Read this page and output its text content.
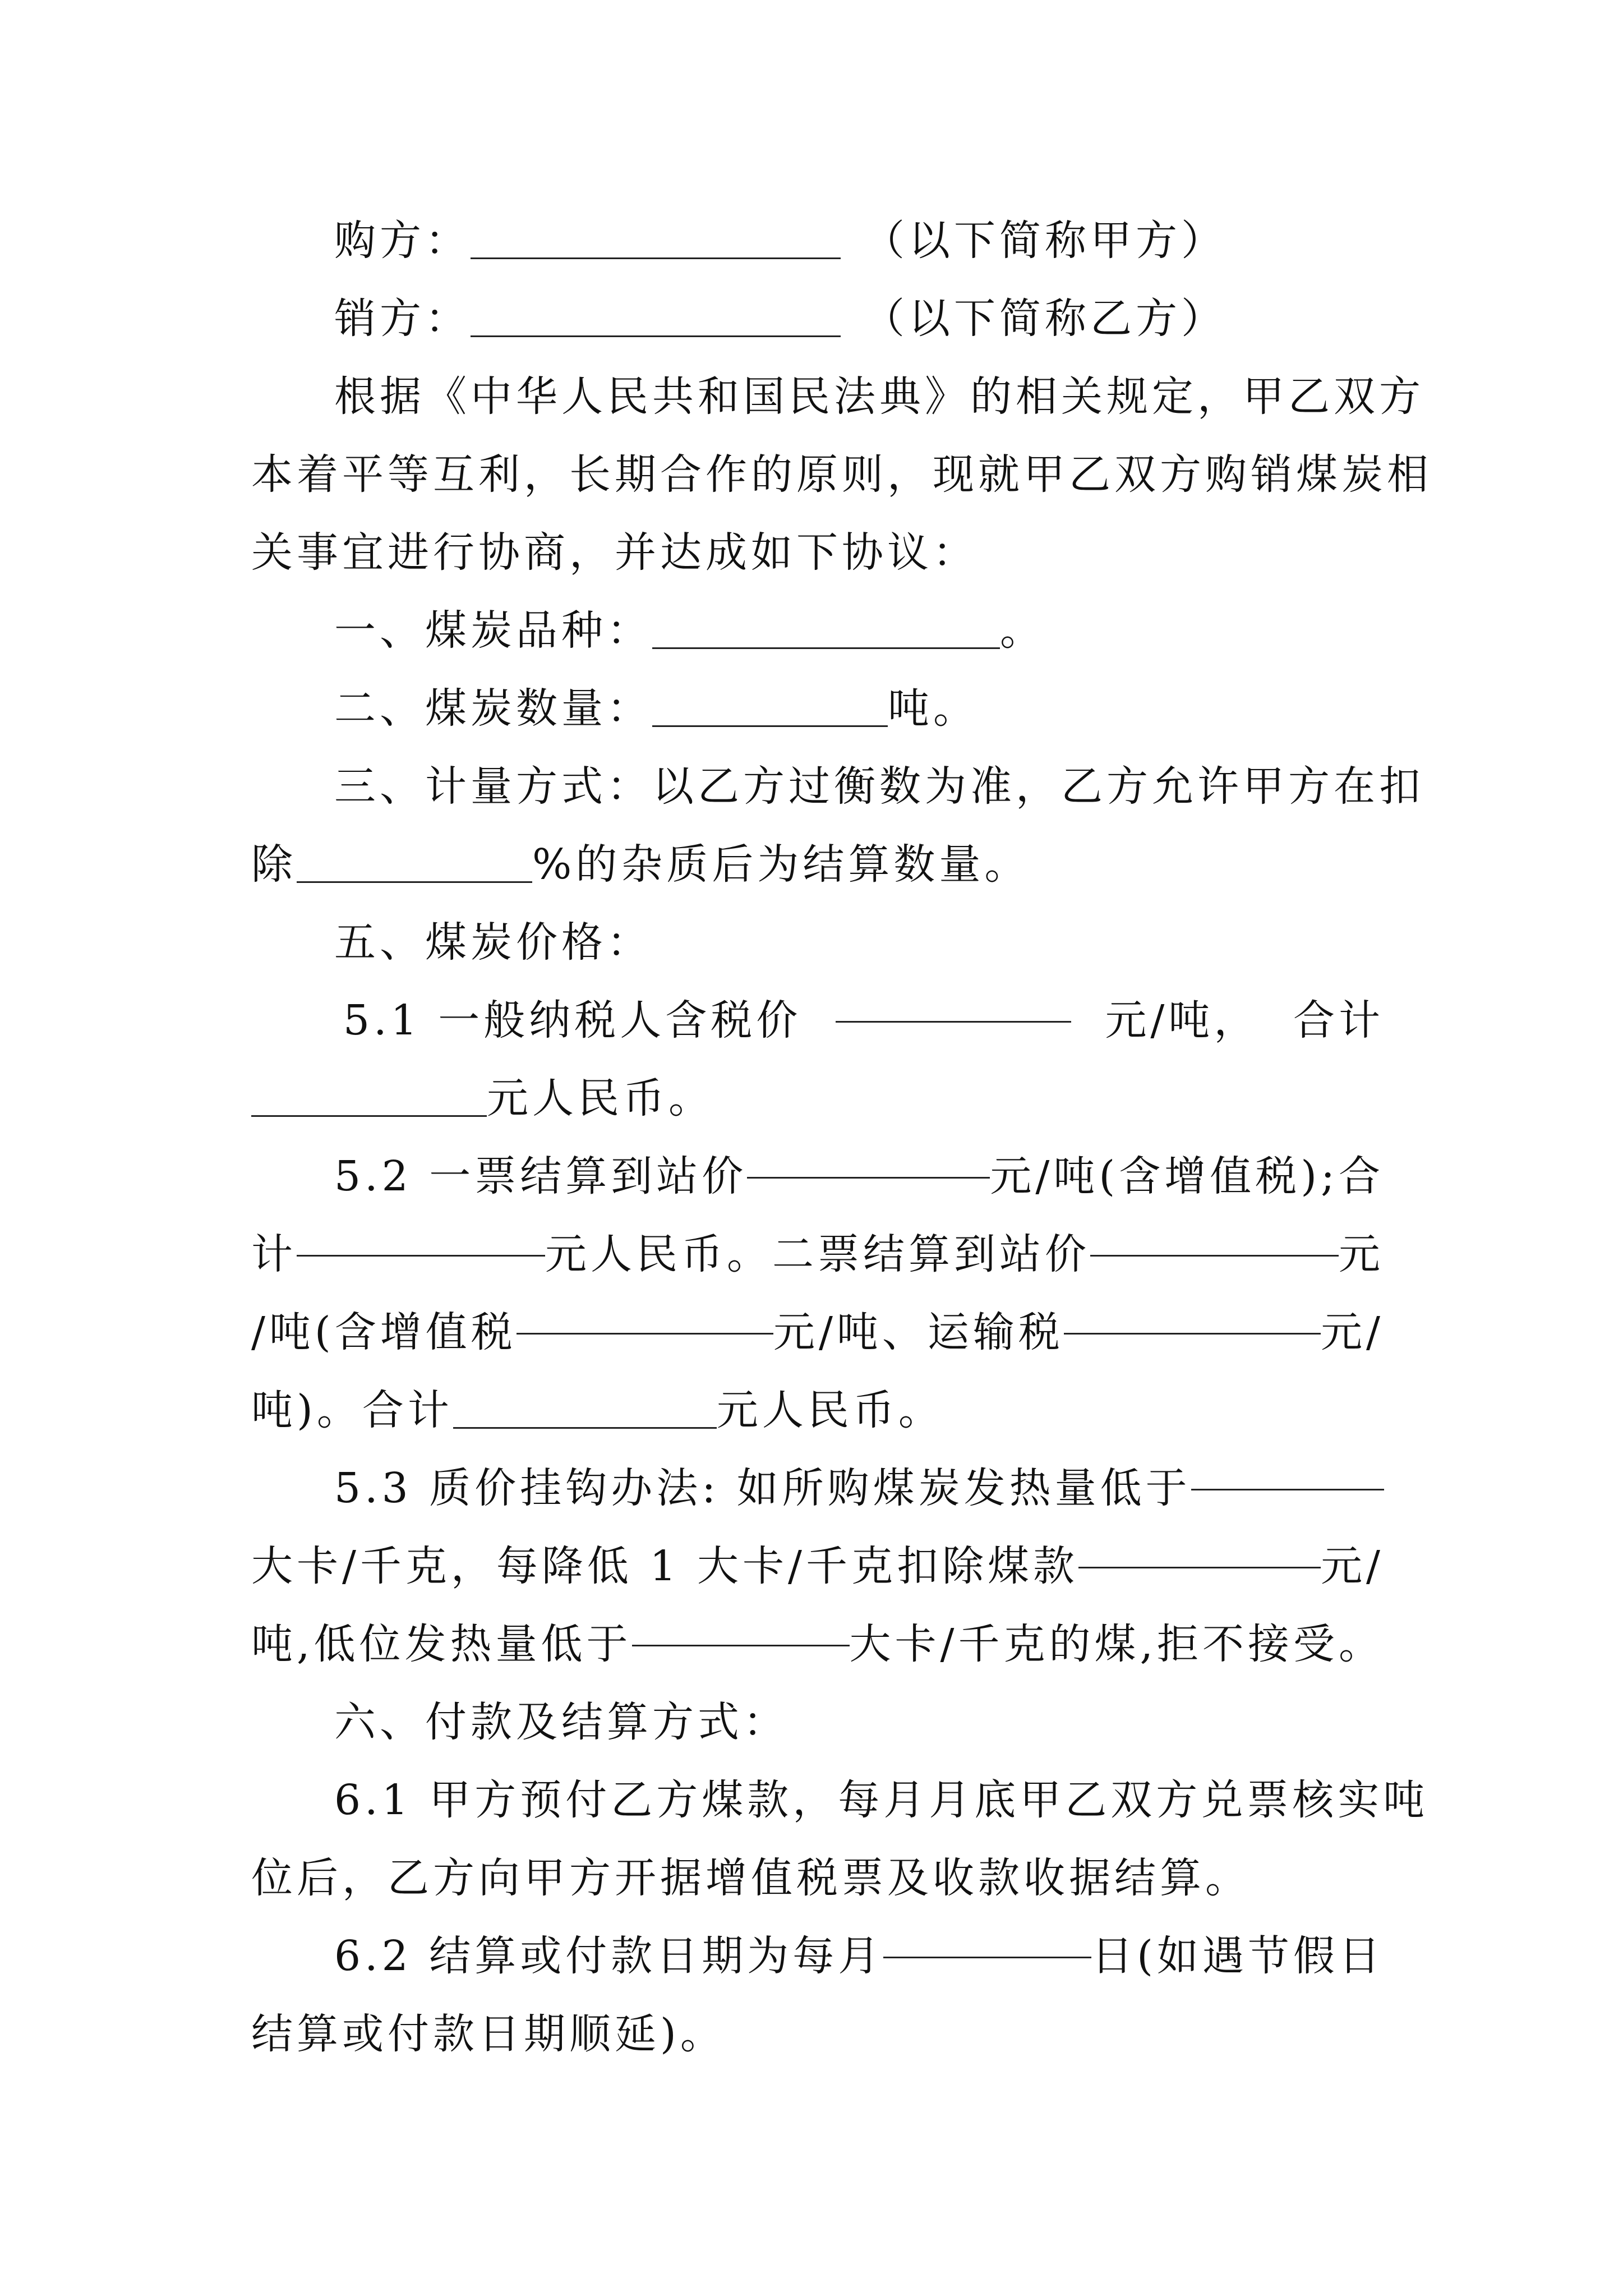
购方：	（以下简称甲方）

销方：	（以下简称乙方）

根据《中华人民共和国民法典》的相关规定， 甲乙双方
本着平等互利，长期合作的原则， 现就甲乙双方购销煤炭相

关事宜进行协商，并达成如下协议：

一、煤炭品种：	。

二、煤炭数量：	吨。

三、计量方式：以乙方过衡数为准， 乙方允许甲方在扣

除	%的杂质后为结算数量。

五、煤炭价格：

5.1 一般纳税人含税价	元/吨， 合计

元人民币。

5.2 一票结算到站价	元/吨(含增值税);合
计	元人民币。二票结算到站价	元
/吨(含增值税	元/吨、运输税	元/

吨)。合计	元人民币。

5.3 质价挂钩办法: 如所购煤炭发热量低于
大卡/千克，每降低 1 大卡/千克扣除煤款	元/
吨,低位发热量低于	大卡/千克的煤,拒不接受。

六、付款及结算方式：

6.1 甲方预付乙方煤款，每月月底甲乙双方兑票核实吨

位后，乙方向甲方开据增值税票及收款收据结算。

6.2 结算或付款日期为每月	日(如遇节假日

结算或付款日期顺延)。
